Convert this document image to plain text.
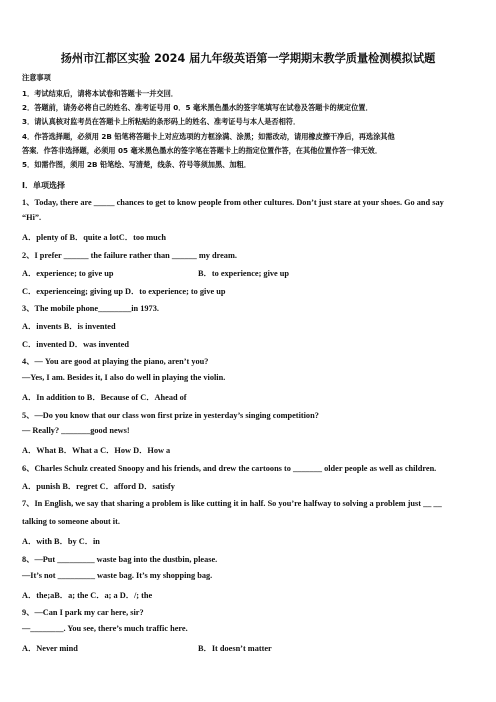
扬州市江都区实验 2024 届九年级英语第一学期期末教学质量检测模拟试题
注意事项
1．考试结束后，请将本试卷和答题卡一并交回．
2．答题前，请务必将自己的姓名、准考证号用 0．5 毫米黑色墨水的签字笔填写在试卷及答题卡的规定位置．
3．请认真核对监考员在答题卡上所粘贴的条形码上的姓名、准考证号与本人是否相符．
4．作答选择题，必须用 2B 铅笔将答题卡上对应选项的方框涂满、涂黑；如需改动，请用橡皮擦干净后，再选涂其他
答案．作答非选择题，必须用 05 毫米黑色墨水的签字笔在答题卡上的指定位置作答，在其他位置作答一律无效．
5．如需作图，须用 2B 铅笔绘、写清楚，线条、符号等须加黑、加粗．
Ⅰ．单项选择
1、Today, there are _____ chances to get to know people from other cultures. Don’t just stare at your shoes. Go and say
“Hi”.
A．plenty of B．quite a lotC．too much
2、I prefer ______ the failure rather than ______ my dream.
A．experience; to give up	B．to experience; give up
C．experienceing; giving up D．to experience; to give up
3、The mobile phone________in 1973.
A．invents B．is invented
C．invented D．was invented
4、— You are good at playing the piano, aren’t you?
—Yes, I am. Besides it, I also do well in playing the violin.
A．In addition to B．Because of C．Ahead of
5、—Do you know that our class won first prize in yesterday’s singing competition?
— Really? _______good news!
A．What B．What a C．How D．How a
6、Charles Schulz created Snoopy and his friends, and drew the cartoons to _______ older people as well as children.
A．punish B．regret C．afford D．satisfy
7、In English, we say that sharing a problem is like cutting it in half. So you’re halfway to solving a problem just __ __
talking to someone about it.
A．with B．by C．in
8、—Put _________ waste bag into the dustbin, please.
—It’s not _________ waste bag. It’s my shopping bag.
A．the;aB．a; the C．a; a D．/; the
9、—Can I park my car here, sir?
—________. You see, there’s much traffic here.
A．Never mind	B．It doesn’t matter
